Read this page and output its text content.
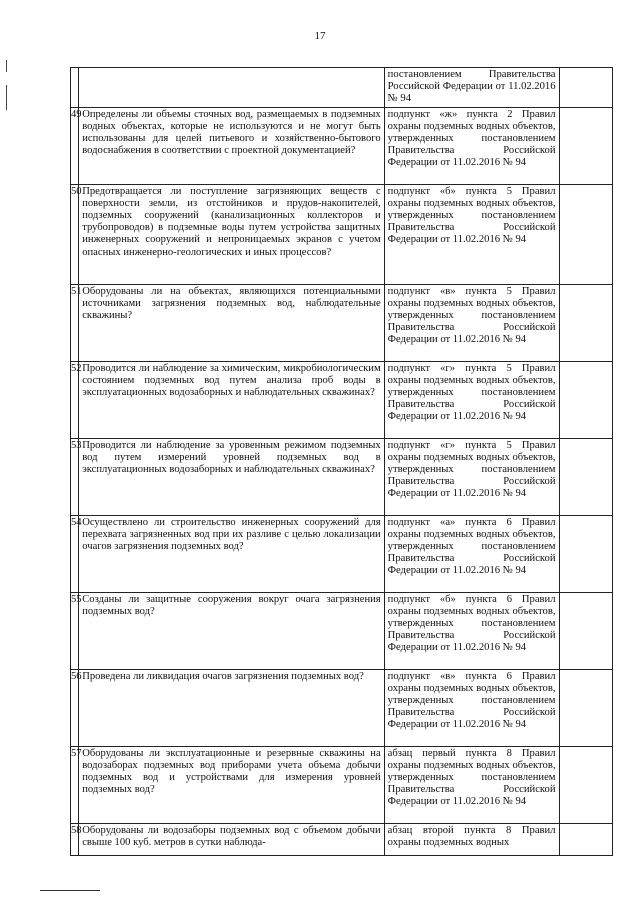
17
		постановлением Правительства Российской Федерации от 11.02.2016 № 94	
49	Определены ли объемы сточных вод, размещаемых в подземных водных объектах, которые не используются и не могут быть использованы для целей питьевого и хозяйственно-бытового водоснабжения в соответствии с проектной документацией?	подпункт «ж» пункта 2 Правил охраны подземных водных объектов, утвержденных постановлением Правительства Российской Федерации от 11.02.2016 № 94	
50	Предотвращается ли поступление загрязняющих веществ с поверхности земли, из отстойников и прудов-накопителей, подземных сооружений (канализационных коллекторов и трубопроводов) в подземные воды путем устройства защитных инженерных сооружений и непроницаемых экранов с учетом опасных инженерно-геологических и иных процессов?	подпункт «б» пункта 5 Правил охраны подземных водных объектов, утвержденных постановлением Правительства Российской Федерации от 11.02.2016 № 94	
51	Оборудованы ли на объектах, являющихся потенциальными источниками загрязнения подземных вод, наблюдательные скважины?	подпункт «в» пункта 5 Правил охраны подземных водных объектов, утвержденных постановлением Правительства Российской Федерации от 11.02.2016 № 94	
52	Проводится ли наблюдение за химическим, микробиологическим состоянием подземных вод путем анализа проб воды в эксплуатационных водозаборных и наблюдательных скважинах?	подпункт «г» пункта 5 Правил охраны подземных водных объектов, утвержденных постановлением Правительства Российской Федерации от 11.02.2016 № 94	
53	Проводится ли наблюдение за уровенным режимом подземных вод путем измерений уровней подземных вод в эксплуатационных водозаборных и наблюдательных скважинах?	подпункт «г» пункта 5 Правил охраны подземных водных объектов, утвержденных постановлением Правительства Российской Федерации от 11.02.2016 № 94	
54	Осуществлено ли строительство инженерных сооружений для перехвата загрязненных вод при их разливе с целью локализации очагов загрязнения подземных вод?	подпункт «а» пункта 6 Правил охраны подземных водных объектов, утвержденных постановлением Правительства Российской Федерации от 11.02.2016 № 94	
55	Созданы ли защитные сооружения вокруг очага загрязнения подземных вод?	подпункт «б» пункта 6 Правил охраны подземных водных объектов, утвержденных постановлением Правительства Российской Федерации от 11.02.2016 № 94	
56	Проведена ли ликвидация очагов загрязнения подземных вод?	подпункт «в» пункта 6 Правил охраны подземных водных объектов, утвержденных постановлением Правительства Российской Федерации от 11.02.2016 № 94	
57	Оборудованы ли эксплуатационные и резервные скважины на водозаборах подземных вод приборами учета объема добычи подземных вод и устройствами для измерения уровней подземных вод?	абзац первый пункта 8 Правил охраны подземных водных объектов, утвержденных постановлением Правительства Российской Федерации от 11.02.2016 № 94	
58	Оборудованы ли водозаборы подземных вод с объемом добычи свыше 100 куб. метров в сутки наблюда-	абзац второй пункта 8 Правил охраны подземных водных	
